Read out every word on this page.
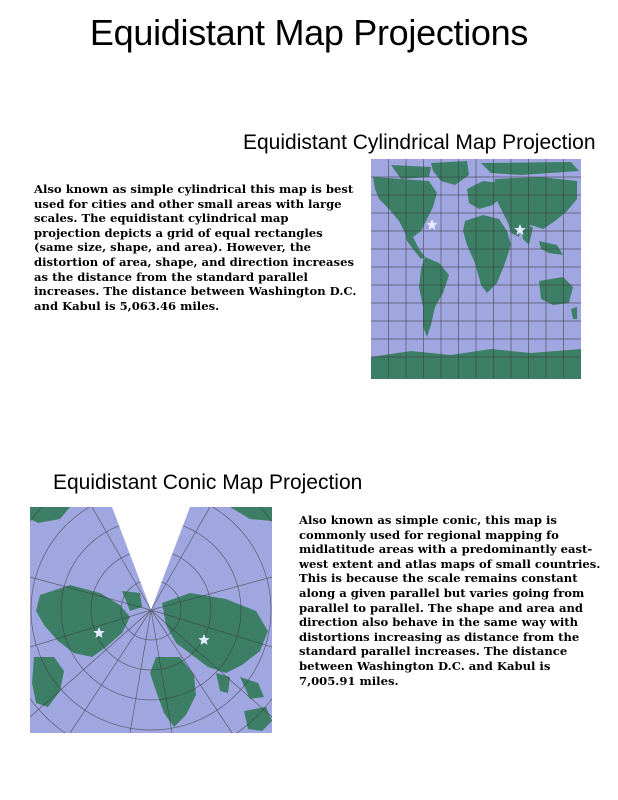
Equidistant Map Projections
Equidistant Cylindrical Map Projection
Also known as simple cylindrical this map is best used for cities and other small areas with large scales. The equidistant cylindrical map projection depicts a grid of equal rectangles (same size, shape, and area). However, the distortion of area, shape, and direction increases as the distance from the standard parallel increases. The distance between Washington D.C. and Kabul is 5,063.46 miles.
Equidistant Conic Map Projection
Also known as simple conic, this map is commonly used for regional mapping fo midlatitude areas with a predominantly east-west extent and atlas maps of small countries. This is because the scale remains constant along a given parallel but varies going from parallel to parallel. The shape and area and direction also behave in the same way with distortions increasing as distance from the standard parallel increases. The distance between Washington D.C. and Kabul is 7,005.91 miles.
